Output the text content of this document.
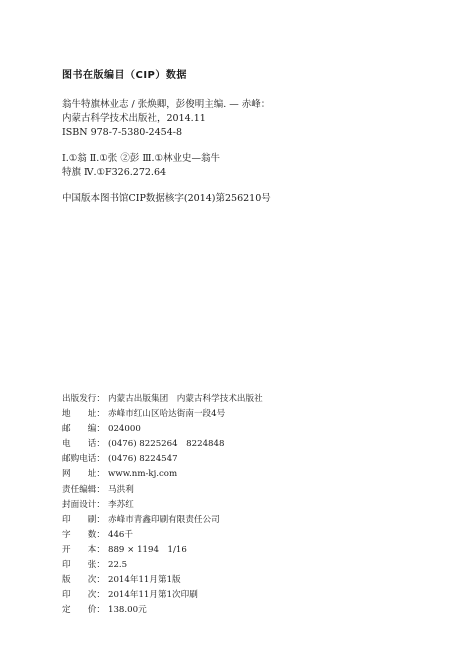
图书在版编目（CIP）数据
翁牛特旗林业志 / 张焕卿，彭俊明主编. — 赤峰：
内蒙古科学技术出版社，2014.11
ISBN 978-7-5380-2454-8
Ⅰ.①翁 Ⅱ.①张 ②彭 Ⅲ.①林业史—翁牛
特旗 Ⅳ.①F326.272.64
中国版本图书馆CIP数据核字(2014)第256210号
出版发行： 内蒙古出版集团　内蒙古科学技术出版社
地　　址： 赤峰市红山区哈达街南一段4号
邮　　编： 024000
电　　话： (0476) 8225264　8224848
邮购电话： (0476) 8224547
网　　址： www.nm-kj.com
责任编辑： 马洪利
封面设计： 李苏红
印　　刷： 赤峰市青鑫印刷有限责任公司
字　　数： 446千
开　　本： 889 × 1194　1/16
印　　张： 22.5
版　　次： 2014年11月第1版
印　　次： 2014年11月第1次印刷
定　　价： 138.00元
